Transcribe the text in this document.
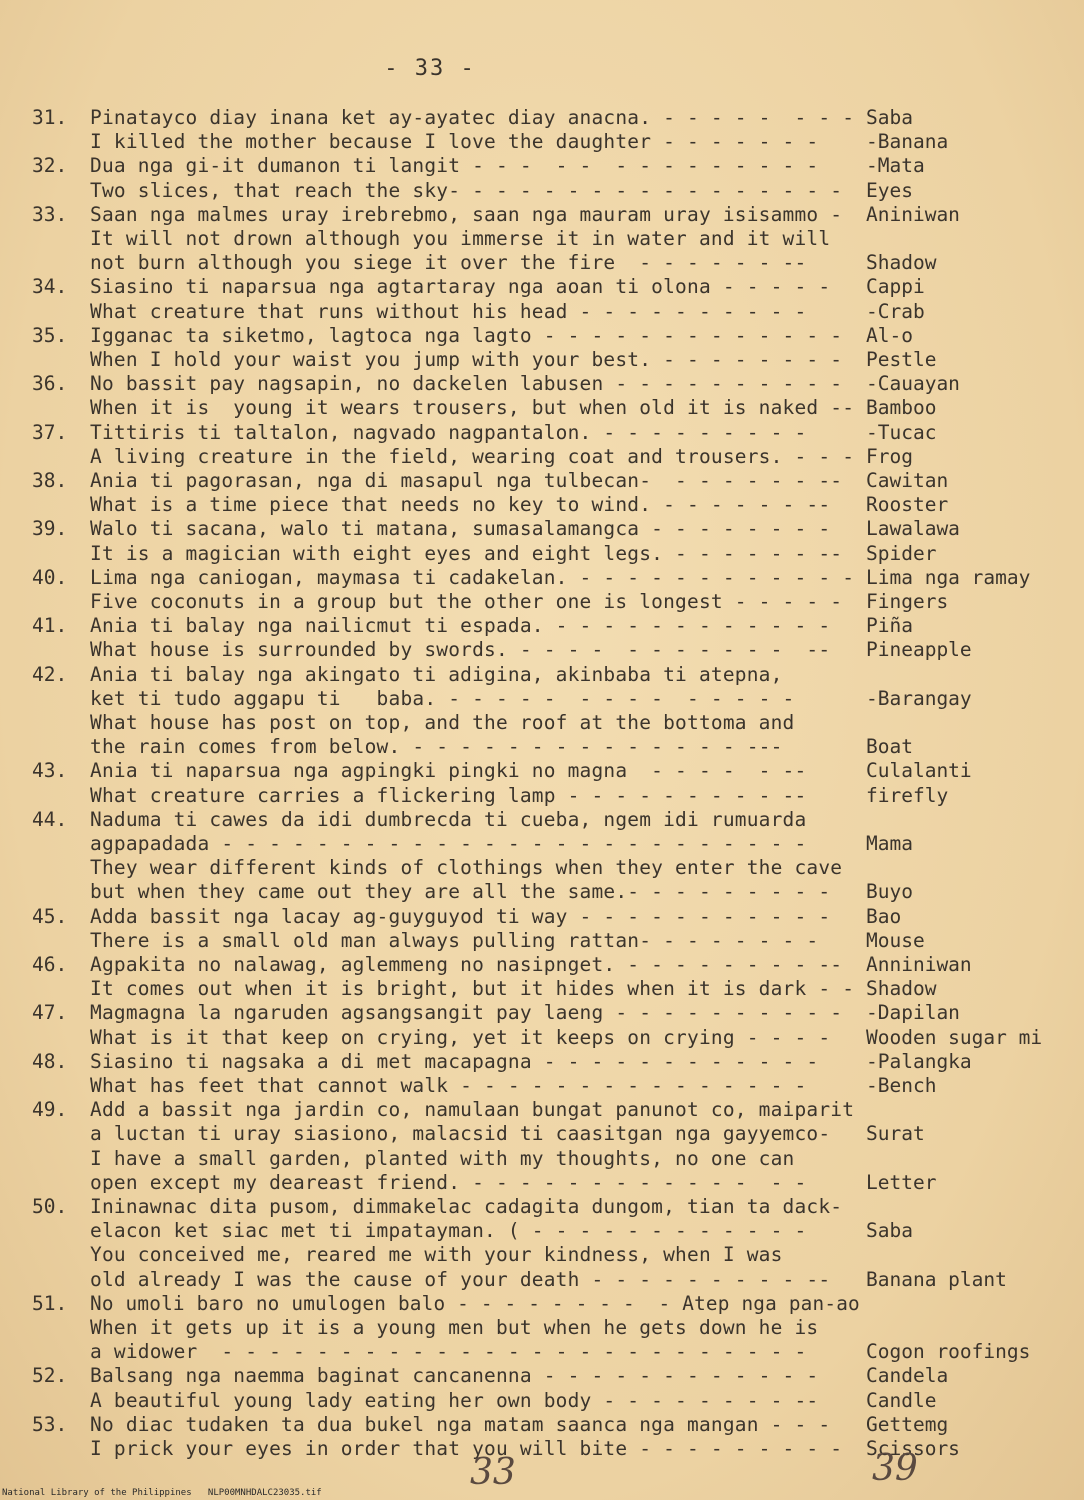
- 33 -
31. Pinatayco diay inana ket ay-ayatec diay anacna. - - - - -  - - - Saba
I killed the mother because I love the daughter - - - - - - - -Banana
32. Dua nga gi-it dumanon ti langit - - -  - -  - - - - - - - - - -Mata
Two slices, that reach the sky- - - - - - - - - - - - - - - - - Eyes
33. Saan nga malmes uray irebrebmo, saan nga mauram uray isisammo - Aniniwan
It will not drown although you immerse it in water and it will
not burn although you siege it over the fire  - - - - - - --	Shadow
34. Siasino ti naparsua nga agtartaray nga aoan ti olona - - - - - Cappi
What creature that runs without his head - - - - - - - - - -	-Crab
35. Igganac ta siketmo, lagtoca nga lagto - - - - - - - - - - - - - Al-o
When I hold your waist you jump with your best. - - - - - - - - Pestle
36. No bassit pay nagsapin, no dackelen labusen - - - - - - - - - - -Cauayan
When it is  young it wears trousers, but when old it is naked -- Bamboo
37. Tittiris ti taltalon, nagvado nagpantalon. - - - - - - - - -	-Tucac
A living creature in the field, wearing coat and trousers. - - - Frog
38. Ania ti pagorasan, nga di masapul nga tulbecan-  - - - - - - -- Cawitan
What is a time piece that needs no key to wind. - - - - - - -- Rooster
39. Walo ti sacana, walo ti matana, sumasalamangca - - - - - - - - Lawalawa
It is a magician with eight eyes and eight legs. - - - - - - -- Spider
40. Lima nga caniogan, maymasa ti cadakelan. - - - - - - - - - - - - Lima nga ramay
Five coconuts in a group but the other one is longest - - - - - Fingers
41. Ania ti balay nga nailicmut ti espada. - - - - - - - - - - - - Piña
What house is surrounded by swords. - - - -  - - - - - - -  -- Pineapple
42. Ania ti balay nga akingato ti adigina, akinbaba ti atepna,
ket ti tudo aggapu ti   baba. - - - - -  - - - -  - - - - -	-Barangay
What house has post on top, and the roof at the bottoma and
the rain comes from below. - - - - - - - - - - - - - - ---	Boat
43. Ania ti naparsua nga agpingki pingki no magna  - - - -  - --	Culalanti
What creature carries a flickering lamp - - - - - - - - - --	firefly
44. Naduma ti cawes da idi dumbrecda ti cueba, ngem idi rumuarda
agpapadada - - - - - - - - - - - - - - - - - - - - - - - - -	Mama
They wear different kinds of clothings when they enter the cave
but when they came out they are all the same.- - - - - - - - - Buyo
45. Adda bassit nga lacay ag-guyguyod ti way - - - - - - - - - - - Bao
There is a small old man always pulling rattan- - - - - - - - Mouse
46. Agpakita no nalawag, aglemmeng no nasipnget. - - - - - - - - -- Anniniwan
It comes out when it is bright, but it hides when it is dark - - Shadow
47. Magmagna la ngaruden agsangsangit pay laeng - - - - - - - - - - -Dapilan
What is it that keep on crying, yet it keeps on crying - - - - Wooden sugar mi
48. Siasino ti nagsaka a di met macapagna - - - - - - - - - - - - -Palangka
What has feet that cannot walk - - - - - - - - - - - - - - -	-Bench
49. Add a bassit nga jardin co, namulaan bungat panunot co, maiparit
a luctan ti uray siasiono, malacsid ti caasitgan nga gayyemco- Surat
I have a small garden, planted with my thoughts, no one can
open except my deareast friend. - - - - - - - - - - - -  - -	Letter
50. Ininawnac dita pusom, dimmakelac cadagita dungom, tian ta dack-
elacon ket siac met ti impatayman. ( - - - - - - - - - - - -	Saba
You conceived me, reared me with your kindness, when I was
old already I was the cause of your death - - - - - - - - - -- Banana plant
51. No umoli baro no umulogen balo - - - - - - - -  - Atep nga pan-ao
When it gets up it is a young men but when he gets down he is
a widower  - - - - - - - - - - - - - - - - - - - - - - - - -	Cogon roofings
52. Balsang nga naemma baginat cancanenna - - - - - - - - - - - - Candela
A beautiful young lady eating her own body - - - - - - - - -- Candle
53. No diac tudaken ta dua bukel nga matam saanca nga mangan - - - Gettemg
I prick your eyes in order that you will bite - - - - - - - - - Scissors
33	39
National Library of the Philippines NLP00MNHDALC23035.tif
